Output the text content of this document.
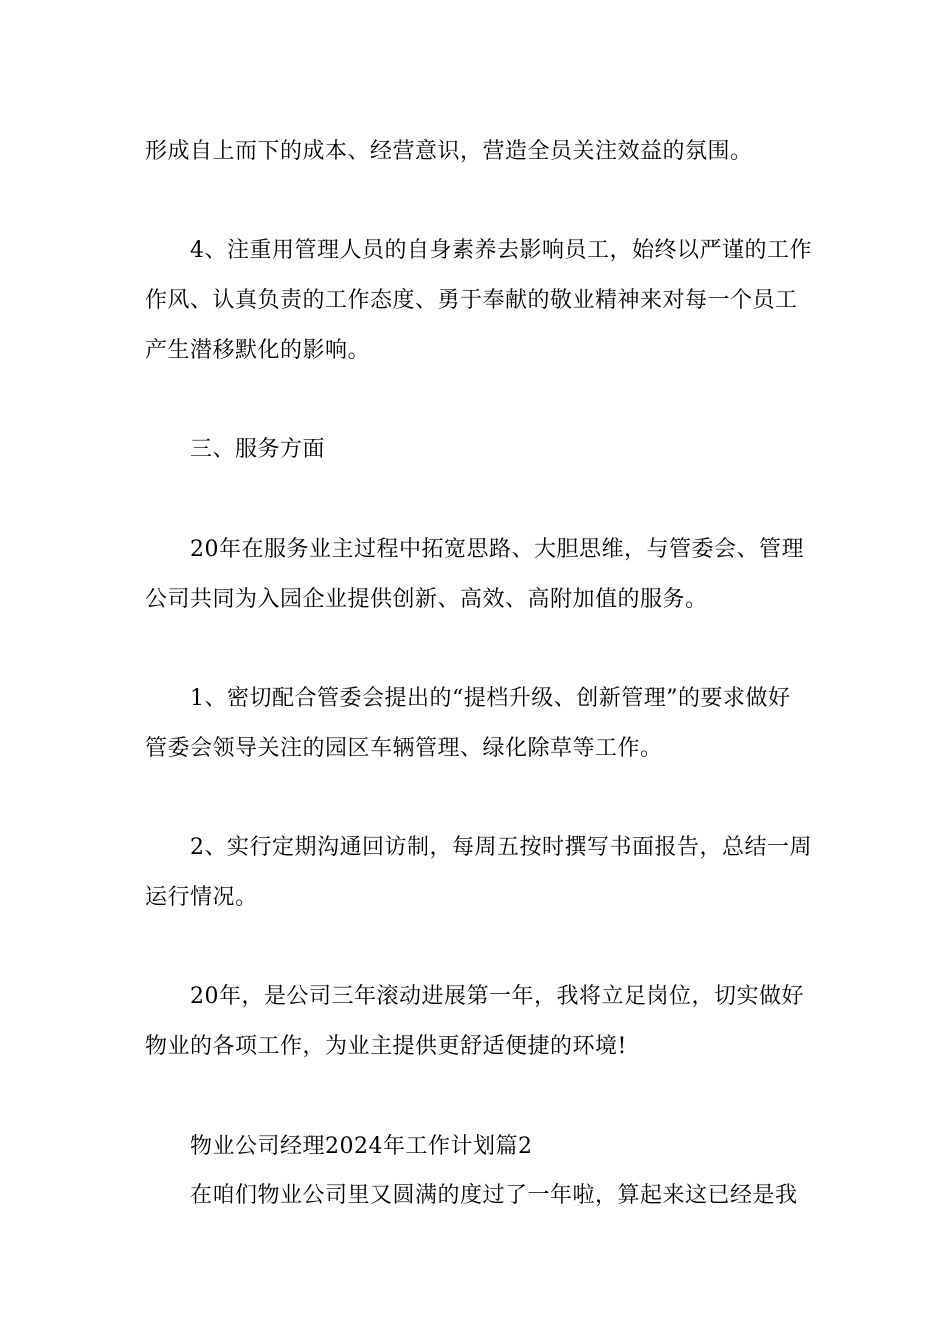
形成自上而下的成本、经营意识，营造全员关注效益的氛围。
4、注重用管理人员的自身素养去影响员工，始终以严谨的工作
作风、认真负责的工作态度、勇于奉献的敬业精神来对每一个员工
产生潜移默化的影响。
三、服务方面
20年在服务业主过程中拓宽思路、大胆思维，与管委会、管理
公司共同为入园企业提供创新、高效、高附加值的服务。
1、密切配合管委会提出的“提档升级、创新管理”的要求做好
管委会领导关注的园区车辆管理、绿化除草等工作。
2、实行定期沟通回访制，每周五按时撰写书面报告，总结一周
运行情况。
20年，是公司三年滚动进展第一年，我将立足岗位，切实做好
物业的各项工作，为业主提供更舒适便捷的环境!
物业公司经理2024年工作计划篇2
在咱们物业公司里又圆满的度过了一年啦，算起来这已经是我
